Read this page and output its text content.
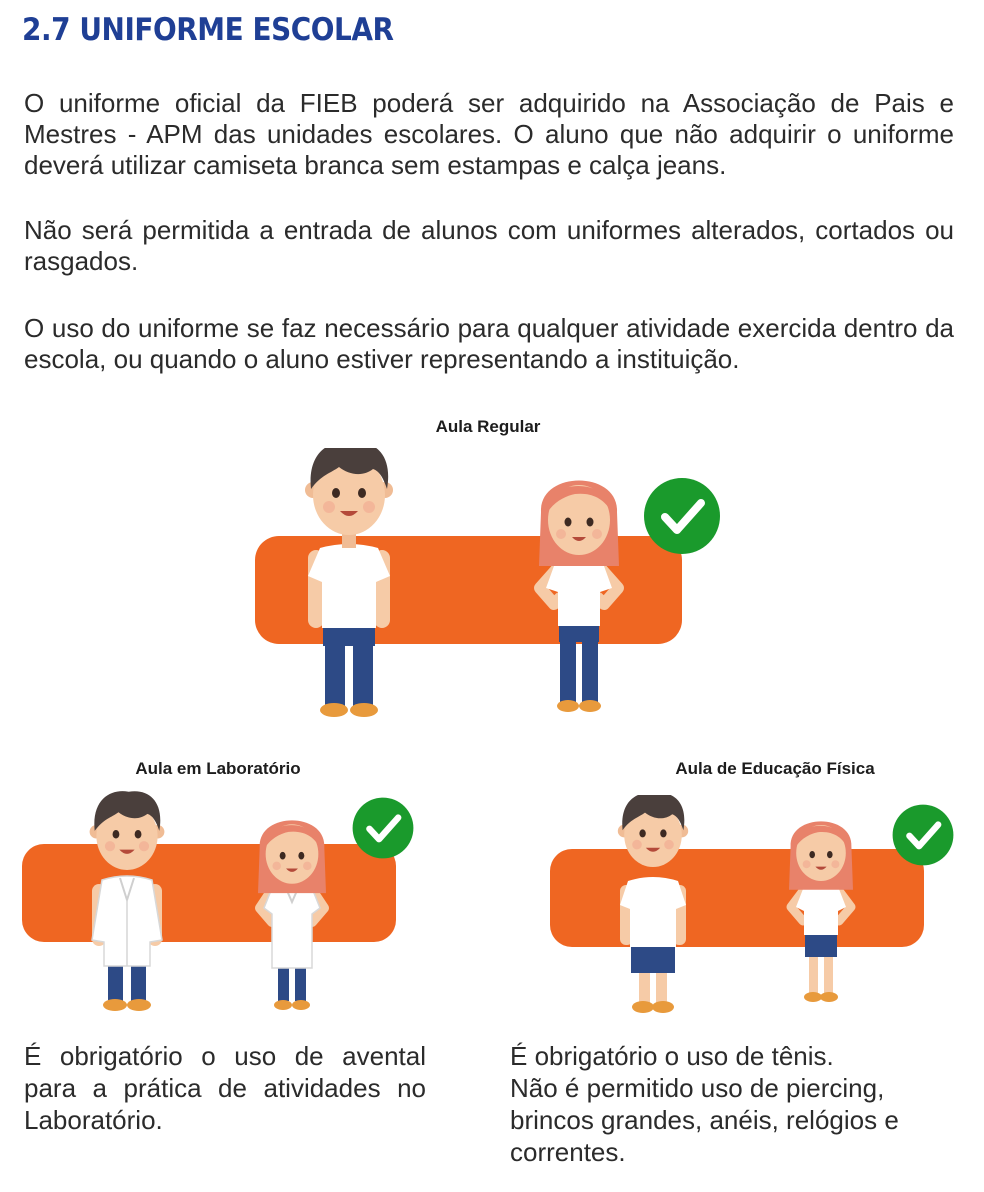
2.7 UNIFORME ESCOLAR

O uniforme oficial da FIEB poderá ser adquirido na Associação de Pais e Mestres - APM das unidades escolares. O aluno que não adquirir o uniforme deverá utilizar camiseta branca sem estampas e calça jeans.

Não será permitida a entrada de alunos com uniformes alterados, cortados ou rasgados.

O uso do uniforme se faz necessário para qualquer atividade exercida dentro da escola, ou quando o aluno estiver representando a instituição.

Aula Regular
Aula em Laboratório	Aula de Educação Física

É obrigatório o uso de avental para a prática de atividades no Laboratório.

É obrigatório o uso de tênis.
Não é permitido uso de piercing, brincos grandes, anéis, relógios e correntes.
